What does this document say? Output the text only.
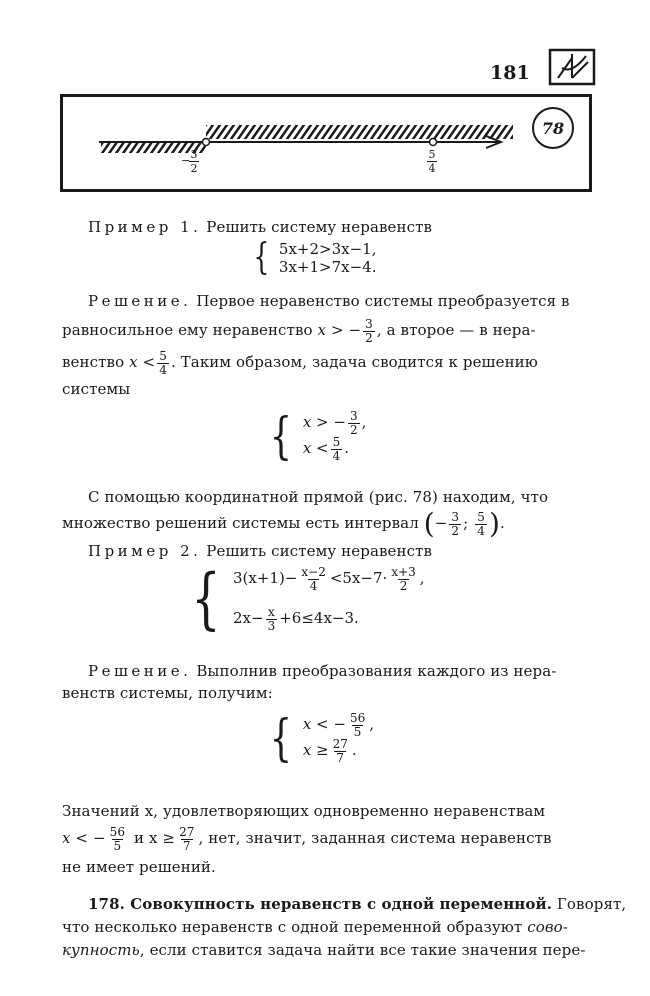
181
− 3
2
5
4
78
Пример 1. Решить систему неравенств
{ 5x+2>3x−1,
3x+1>7x−4.
Решение. Первое неравенство системы преобразуется в
равносильное ему неравенство x > − $\frac{3}{2}$ , а второе — в нера-
венство $x < \frac{5}{4}$ . Таким образом, задача сводится к решению
системы
{ x > − $\frac{3}{2}$ ,
$x < \frac{5}{4}$ .
С помощью координатной прямой (рис. 78) находим, что
множество решений системы есть интервал (− $\frac{3}{2}$ ; $\frac{5}{4}$ ).
Пример 2. Решить систему неравенств
{ $3(x+1)- \frac{x-2}{4} <5x-7\cdot \frac{x+3}{2}$ ,
$2x- \frac{x}{3} +6\le 4x-3$.
Решение. Выполнив преобразования каждого из нера-
венств системы, получим:
{ x < − $\frac{56}{5}$ ,
$x \ge \frac{27}{7}$ .
Значений x, удовлетворяющих одновременно неравенствам
x < − $\frac{56}{5}$ и $x \ge \frac{27}{7}$ , нет, значит, заданная система неравенств
не имеет решений.
178. Совокупность неравенств с одной переменной. Говорят,
что несколько неравенств с одной переменной образуют сово-
купность, если ставится задача найти все такие значения пере-
